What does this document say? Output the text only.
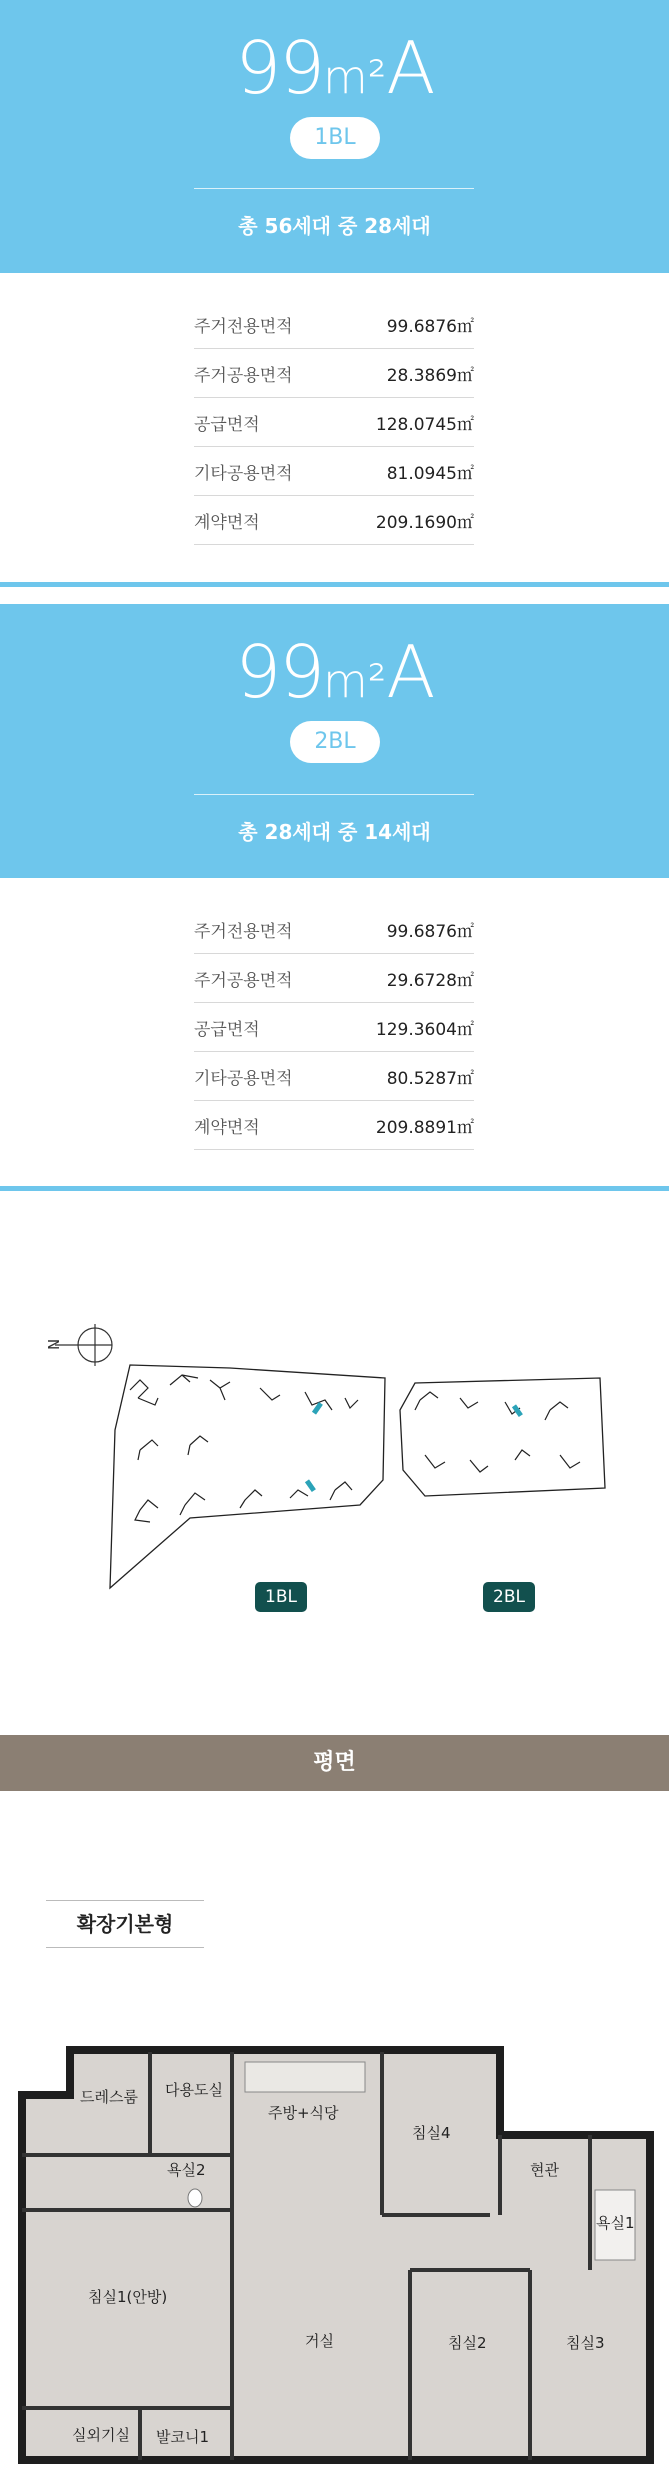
99m²A
1BL
총 56세대 중 28세대
주거전용면적	99.6876㎡
주거공용면적	28.3869㎡
공급면적	128.0745㎡
기타공용면적	81.0945㎡
계약면적	209.1690㎡
99m²A
2BL
총 28세대 중 14세대
주거전용면적	99.6876㎡
주거공용면적	29.6728㎡
공급면적	129.3604㎡
기타공용면적	80.5287㎡
계약면적	209.8891㎡
N
1BL	2BL
평면
확장기본형
드레스룸 다용도실
주방+식당
침실4
현관
욕실2
욕실1
침실1(안방)
거실	침실2	침실3
실외기실 발코니1
